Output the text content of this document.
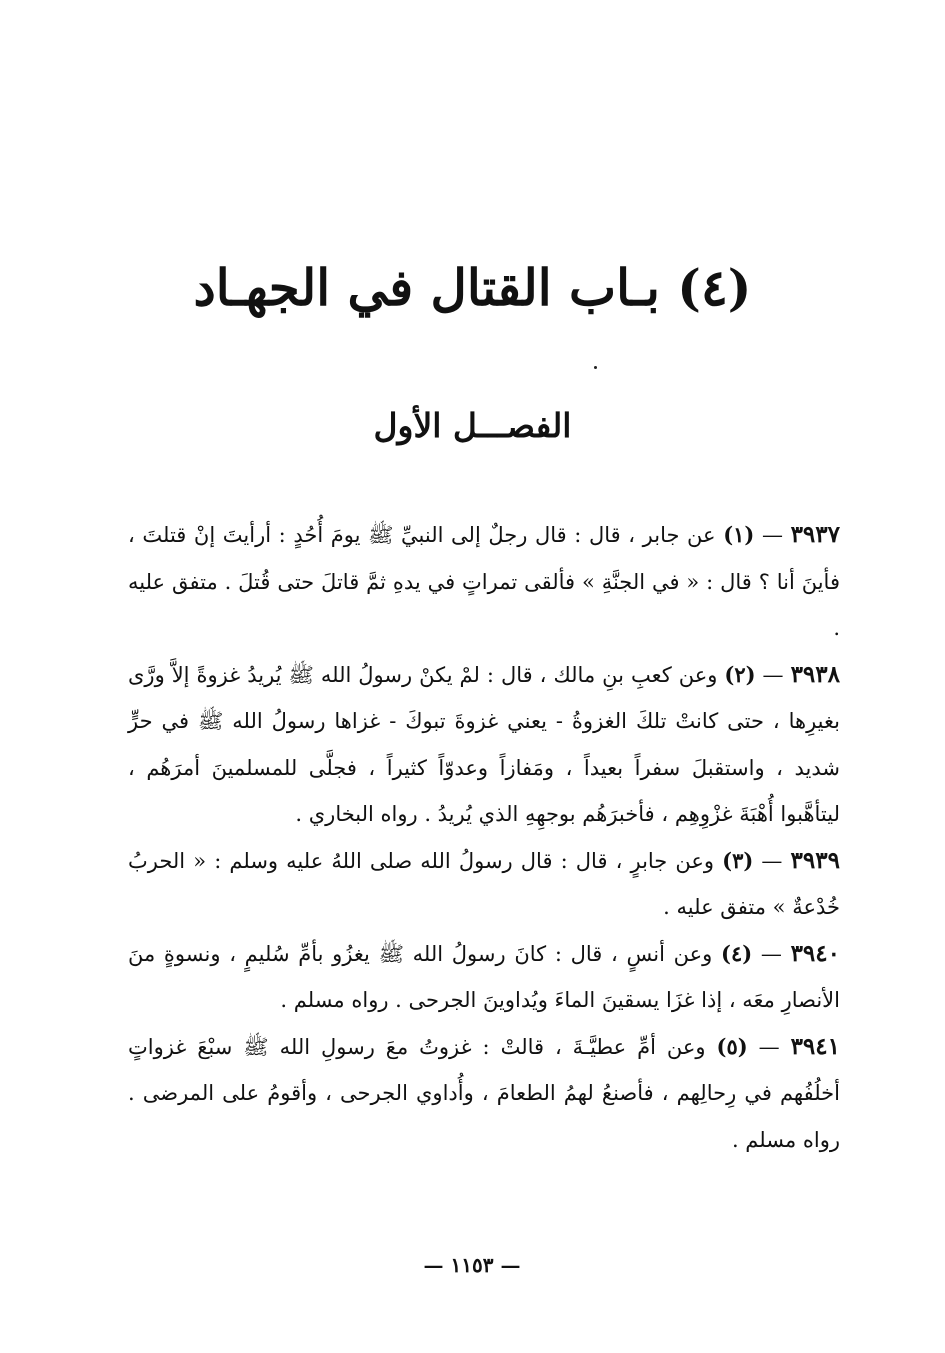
(٤) بـاب القتال في الجهـاد
الفصـــل الأول

٣٩٣٧ — (١) عن جابر ، قال : قال رجلٌ إلى النبيِّ ﷺ يومَ أُحُدٍ : أرأيتَ إنْ قتلتَ ، فأينَ أنا ؟ قال : « في الجنَّةِ » فألقى تمراتٍ في يدهِ ثمَّ قاتلَ حتى قُتلَ . متفق عليه .

٣٩٣٨ — (٢) وعن كعبِ بنِ مالك ، قال : لمْ يكنْ رسولُ الله ﷺ يُريدُ غزوةً إلاَّ ورَّى بغيرِها ، حتى كانتْ تلكَ الغزوةُ - يعني غزوةَ تبوكَ - غزاها رسولُ الله ﷺ في حرٍّ شديد ، واستقبلَ سفراً بعيداً ، ومَفازاً وعدوّاً كثيراً ، فجلَّى للمسلمينَ أمرَهُم ، ليتأهَّبوا أُهْبَةَ غزْوِهِم ، فأخبرَهُم بوجهِهِ الذي يُريدُ . رواه البخاري .

٣٩٣٩ — (٣) وعن جابرٍ ، قال : قال رسولُ الله صلى اللهُ عليه وسلم : « الحربُ خُدْعةٌ » متفق عليه .

٣٩٤٠ — (٤) وعن أنسٍ ، قال : كانَ رسولُ الله ﷺ يغزُو بأمِّ سُليمٍ ، ونسوةٍ منَ الأنصارِ معَه ، إذا غزَا يسقينَ الماءَ ويُداوينَ الجرحى . رواه مسلم .

٣٩٤١ — (٥) وعن أمِّ عطيَّـةَ ، قالتْ : غزوتُ معَ رسولِ الله ﷺ سبْعَ غزواتٍ أخلُفُهم في رِحالِهم ، فأصنعُ لهمُ الطعامَ ، وأُداوي الجرحى ، وأقومُ على المرضى . رواه مسلم .

— ١١٥٣ —
